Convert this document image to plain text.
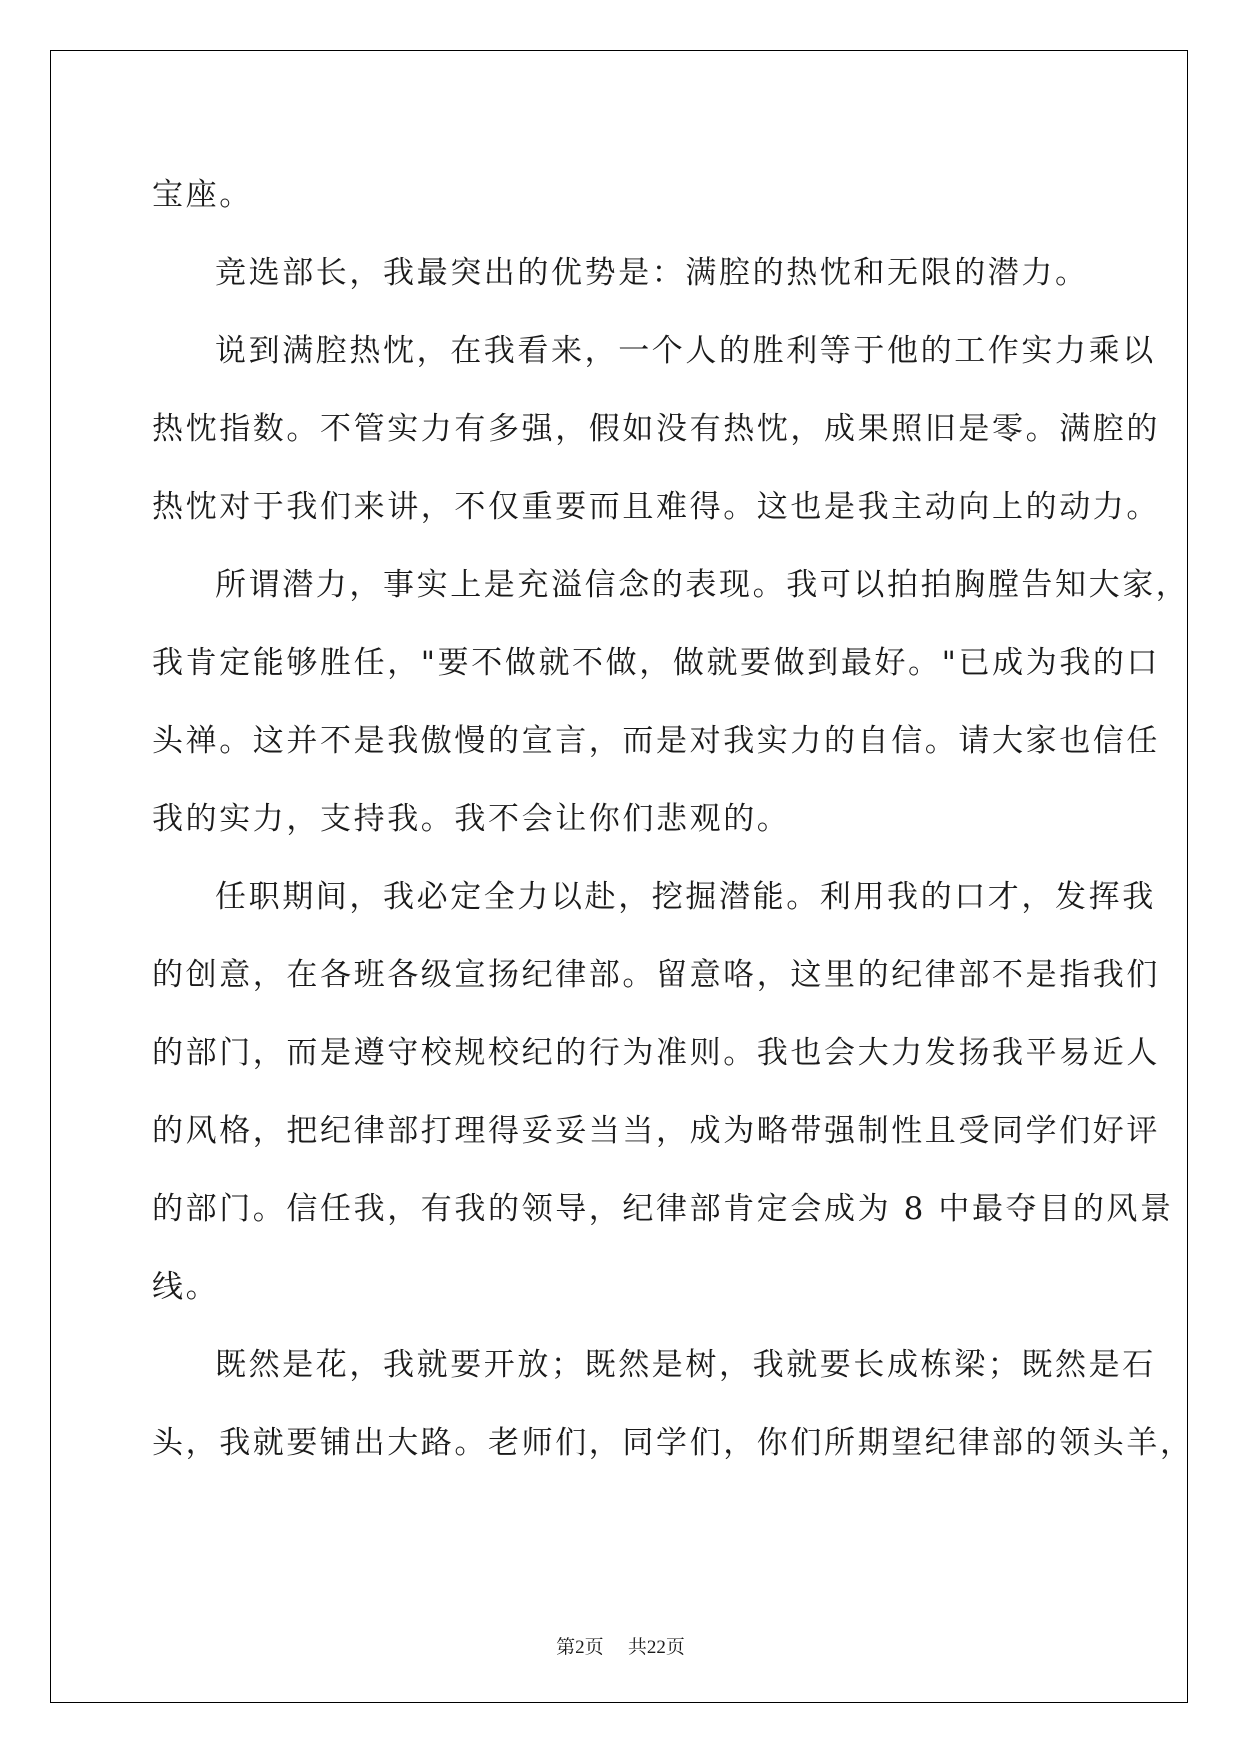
宝座。
竞选部长，我最突出的优势是：满腔的热忱和无限的潜力。
说到满腔热忱，在我看来，一个人的胜利等于他的工作实力乘以
热忱指数。不管实力有多强，假如没有热忱，成果照旧是零。满腔的
热忱对于我们来讲，不仅重要而且难得。这也是我主动向上的动力。
所谓潜力，事实上是充溢信念的表现。我可以拍拍胸膛告知大家，
我肯定能够胜任，"要不做就不做，做就要做到最好。"已成为我的口
头禅。这并不是我傲慢的宣言，而是对我实力的自信。请大家也信任
我的实力，支持我。我不会让你们悲观的。
任职期间，我必定全力以赴，挖掘潜能。利用我的口才，发挥我
的创意，在各班各级宣扬纪律部。留意咯，这里的纪律部不是指我们
的部门，而是遵守校规校纪的行为准则。我也会大力发扬我平易近人
的风格，把纪律部打理得妥妥当当，成为略带强制性且受同学们好评
的部门。信任我，有我的领导，纪律部肯定会成为 8 中最夺目的风景
线。
既然是花，我就要开放；既然是树，我就要长成栋梁；既然是石
头，我就要铺出大路。老师们，同学们，你们所期望纪律部的领头羊，
第2页 共22页
